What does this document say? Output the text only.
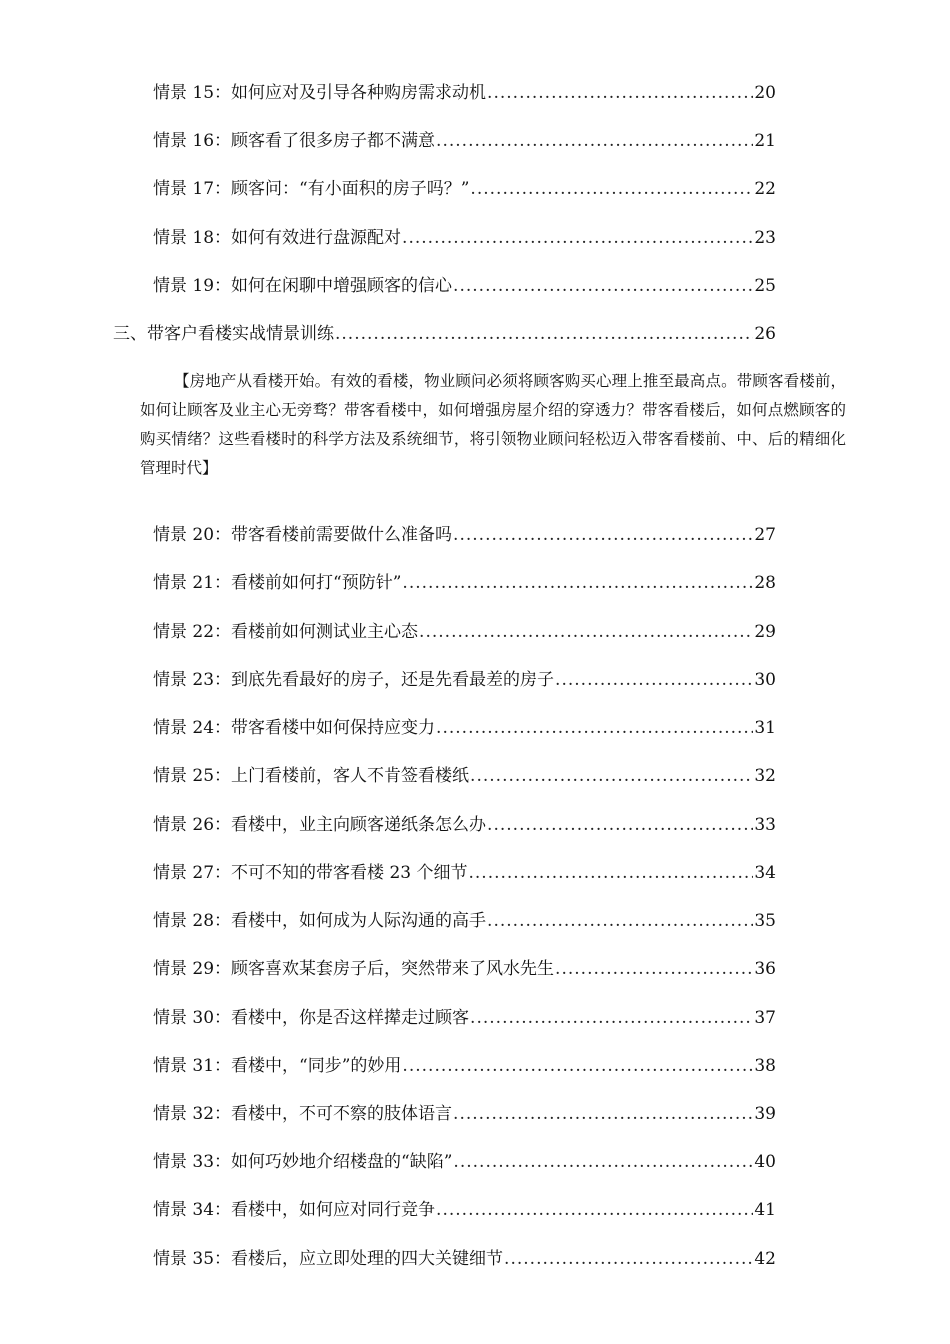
情景 15：如何应对及引导各种购房需求动机 .....	20
情景 16：顾客看了很多房子都不满意 .....	21
情景 17：顾客问：“有小面积的房子吗？” .....	22
情景 18：如何有效进行盘源配对 .....	23
情景 19：如何在闲聊中增强顾客的信心 .....	25
三、带客户看楼实战情景训练 .....	26
【房地产从看楼开始。有效的看楼，物业顾问必须将顾客购买心理上推至最高点。带顾客看楼前，如何让顾客及业主心无旁骛？带客看楼中，如何增强房屋介绍的穿透力？带客看楼后，如何点燃顾客的购买情绪？这些看楼时的科学方法及系统细节，将引领物业顾问轻松迈入带客看楼前、中、后的精细化管理时代】
情景 20：带客看楼前需要做什么准备吗 .....	27
情景 21：看楼前如何打“预防针” .....	28
情景 22：看楼前如何测试业主心态 .....	29
情景 23：到底先看最好的房子，还是先看最差的房子 .....	30
情景 24：带客看楼中如何保持应变力 .....	31
情景 25：上门看楼前，客人不肯签看楼纸 .....	32
情景 26：看楼中，业主向顾客递纸条怎么办 .....	33
情景 27：不可不知的带客看楼 23 个细节 .....	34
情景 28：看楼中，如何成为人际沟通的高手 .....	35
情景 29：顾客喜欢某套房子后，突然带来了风水先生 .....	36
情景 30：看楼中，你是否这样撵走过顾客 .....	37
情景 31：看楼中，“同步”的妙用 .....	38
情景 32：看楼中，不可不察的肢体语言 .....	39
情景 33：如何巧妙地介绍楼盘的“缺陷” .....	40
情景 34：看楼中，如何应对同行竞争 .....	41
情景 35：看楼后，应立即处理的四大关键细节 .....	42
